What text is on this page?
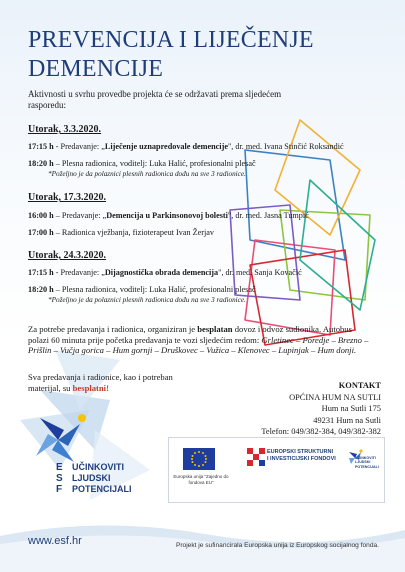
PREVENCIJA I LIJEČENJE
DEMENCIJE
Aktivnosti u svrhu provedbe projekta će se održavati prema sljedećem rasporedu:
Utorak, 3.3.2020.
17:15 h - Predavanje: „Liječenje uznapredovale demencije", dr. med. Ivana Stinčić Roksandić
18:20 h – Plesna radionica, voditelj: Luka Halić, profesionalni plesač
*Poželjno je da polaznici plesnih radionica dođu na sve 3 radionice.
Utorak, 17.3.2020.
16:00 h – Predavanje: „Demencija u Parkinsonovoj bolesti", dr. med. Jasna Tumpić
17:00 h – Radionica vježbanja, fizioterapeut Ivan Žerjav
Utorak, 24.3.2020.
17:15 h - Predavanje: „Dijagnostička obrada demencija", dr. med. Sanja Kovačić
18:20 h – Plesna radionica, voditelj: Luka Halić, profesionalni plesač
*Poželjno je da polaznici plesnih radionica dođu na sve 3 radionice.
Za potrebe predavanja i radionica, organiziran je besplatan dovoz i odvoz sudionika. Autobus polazi 60 minuta prije početka predavanja te vozi sljedećim redom: Grletinec – Poredje – Brezno – Prišlin – Vučja gorica – Hum gornji – Druškovec – Vužica – Klenovec – Lupinjak – Hum donji.
Sva predavanja i radionice, kao i potreban materijal, su besplatni!	KONTAKT
OPĆINA HUM NA SUTLI
Hum na Sutli 175
49231 Hum na Sutli
Telefon: 049/382-384, 049/382-382
E
S
F
UČINKOVITI
LJUDSKI
POTENCIJALI
Europska unija "Zajedno do fondova EU"
EUROPSKI STRUKTURNI
I INVESTICIJSKI FONDOVI	UČINKOVITI
LJUDSKI
POTENCIJALI
www.esf.hr	Projekt je sufinancirala Europska unija iz Europskog socijalnog fonda.
